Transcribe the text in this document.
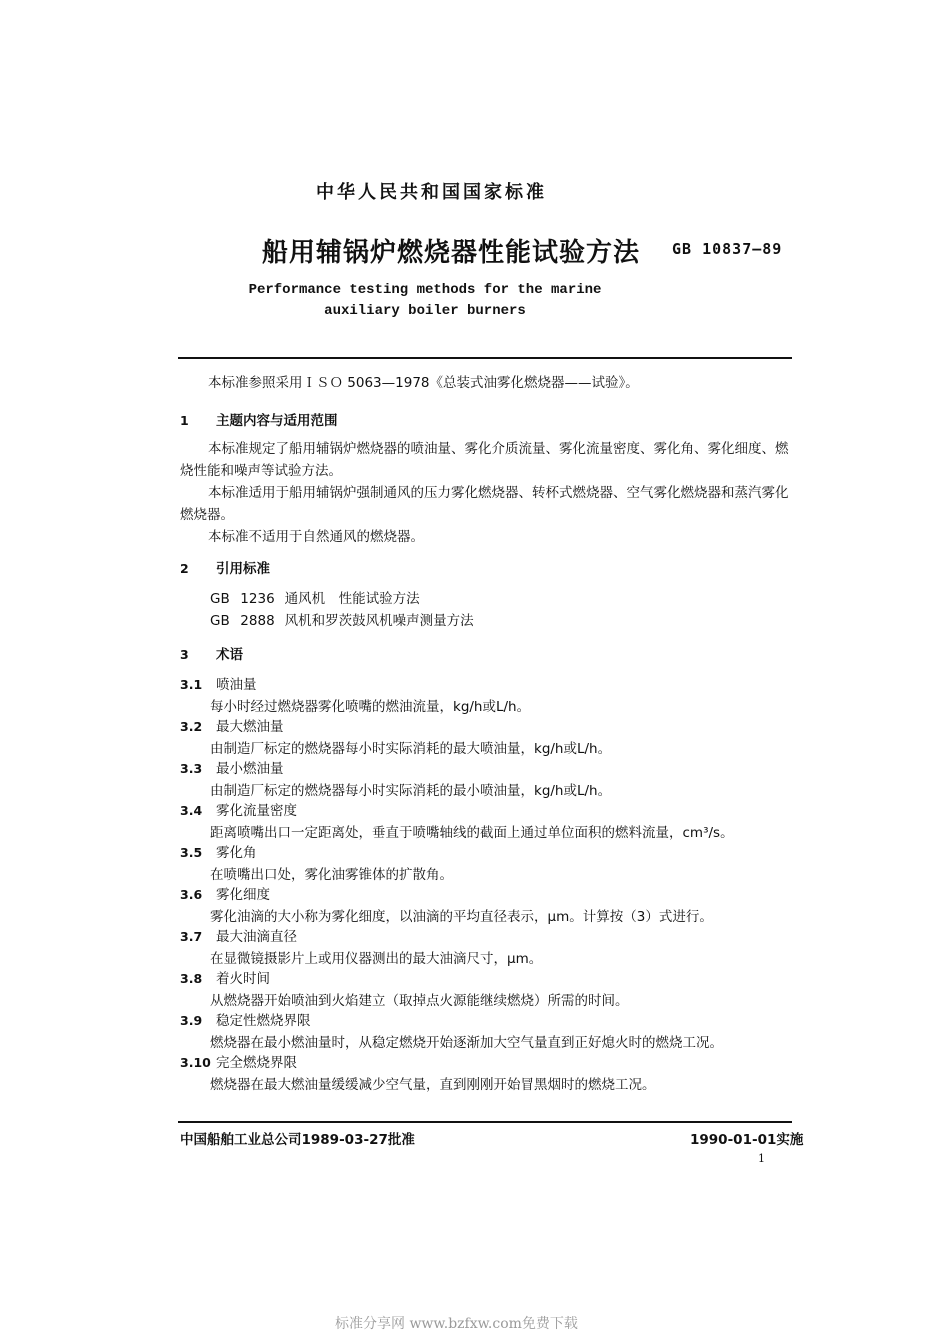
中华人民共和国国家标准
船用辅锅炉燃烧器性能试验方法 GB 10837—89
Performance testing methods for the marine
auxiliary boiler burners
本标准参照采用ＩＳＯ 5063—1978《总装式油雾化燃烧器——试验》。
1 主题内容与适用范围
本标准规定了船用辅锅炉燃烧器的喷油量、雾化介质流量、雾化流量密度、雾化角、雾化细度、燃烧性能和噪声等试验方法。
本标准适用于船用辅锅炉强制通风的压力雾化燃烧器、转杯式燃烧器、空气雾化燃烧器和蒸汽雾化燃烧器。
本标准不适用于自然通风的燃烧器。
2 引用标准
GB 1236 通风机　性能试验方法
GB 2888 风机和罗茨鼓风机噪声测量方法
3 术语
3.1 喷油量
每小时经过燃烧器雾化喷嘴的燃油流量，kg/h或L/h。
3.2 最大燃油量
由制造厂标定的燃烧器每小时实际消耗的最大喷油量，kg/h或L/h。
3.3 最小燃油量
由制造厂标定的燃烧器每小时实际消耗的最小喷油量，kg/h或L/h。
3.4 雾化流量密度
距离喷嘴出口一定距离处，垂直于喷嘴轴线的截面上通过单位面积的燃料流量，cm³/s。
3.5 雾化角
在喷嘴出口处，雾化油雾锥体的扩散角。
3.6 雾化细度
雾化油滴的大小称为雾化细度，以油滴的平均直径表示，μm。计算按（3）式进行。
3.7 最大油滴直径
在显微镜摄影片上或用仪器测出的最大油滴尺寸，μm。
3.8 着火时间
从燃烧器开始喷油到火焰建立（取掉点火源能继续燃烧）所需的时间。
3.9 稳定性燃烧界限
燃烧器在最小燃油量时，从稳定燃烧开始逐渐加大空气量直到正好熄火时的燃烧工况。
3.10 完全燃烧界限
燃烧器在最大燃油量缓缓减少空气量，直到刚刚开始冒黑烟时的燃烧工况。
中国船舶工业总公司1989-03-27批准	1990-01-01实施
1
标准分享网 www.bzfxw.com免费下载
